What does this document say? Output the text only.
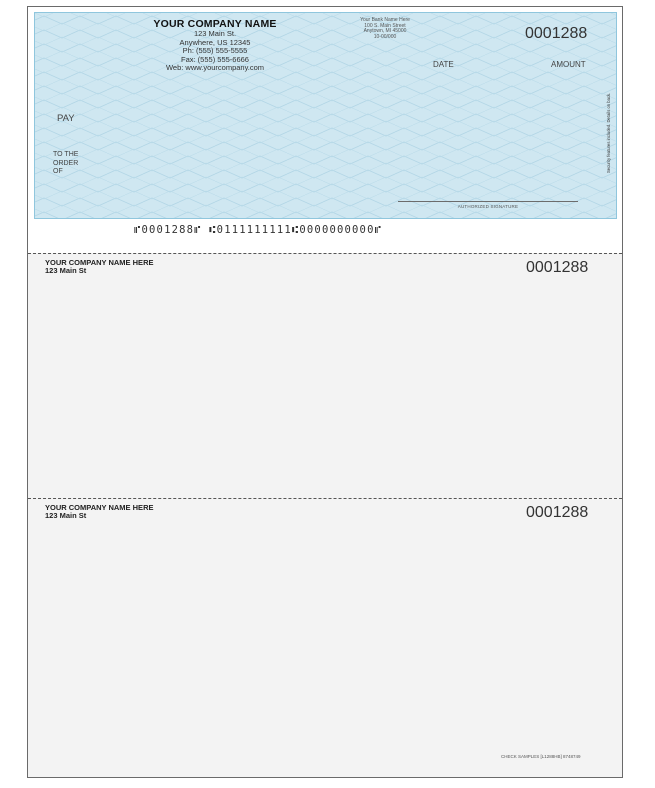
YOUR COMPANY NAME
123 Main St.
Anywhere, US 12345
Ph: (555) 555-5555
Fax: (555) 555-6666
Web: www.yourcompany.com
Your Bank Name Here
100 S. Main Street
Anytown, MI 45000
10-00/000	0001288
DATE	AMOUNT
PAY
TO THE
ORDER
OF	Security features included. Details on back.
AUTHORIZED SIGNATURE
⑈0001288⑈ ⑆0111111111⑆0000000000⑈
YOUR COMPANY NAME HERE
123 Main St	0001288
YOUR COMPANY NAME HERE
123 Main St	0001288
CHECK SAMPLES [L1288HB] 8748749
